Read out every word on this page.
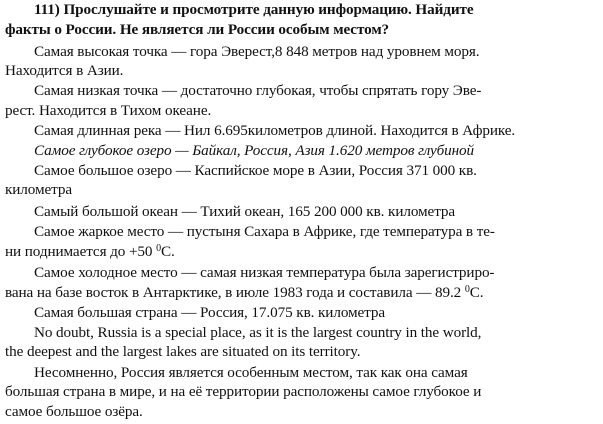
111) Прослушайте и просмотрите данную информацию. Найдите
факты о России. Не является ли России особым местом?
Самая высокая точка — гора Эверест,8 848 метров над уровнем моря.
Находится в Азии.
Самая низкая точка — достаточно глубокая, чтобы спрятать гору Эве-
рест. Находится в Тихом океане.
Самая длинная река — Нил 6.695километров длиной. Находится в Африке.
Самое глубокое озеро — Байкал, Россия, Азия 1.620 метров глубиной
Самое большое озеро — Каспийское море в Азии, Россия 371 000 кв.
километра
Самый большой океан — Тихий океан, 165 200 000 кв. километра
Самое жаркое место — пустыня Сахара в Африке, где температура в те-
ни поднимается до +50 $^0$C.
Самое холодное место — самая низкая температура была зарегистриро-
вана на базе восток в Антарктике, в июле 1983 года и составила — 89.2 $^0$C.
Самая большая страна — Россия, 17.075 кв. километра
No doubt, Russia is a special place, as it is the largest country in the world,
the deepest and the largest lakes are situated on its territory.
Несомненно, Россия является особенным местом, так как она самая
большая страна в мире, и на её территории расположены самое глубокое и
самое большое озёра.
